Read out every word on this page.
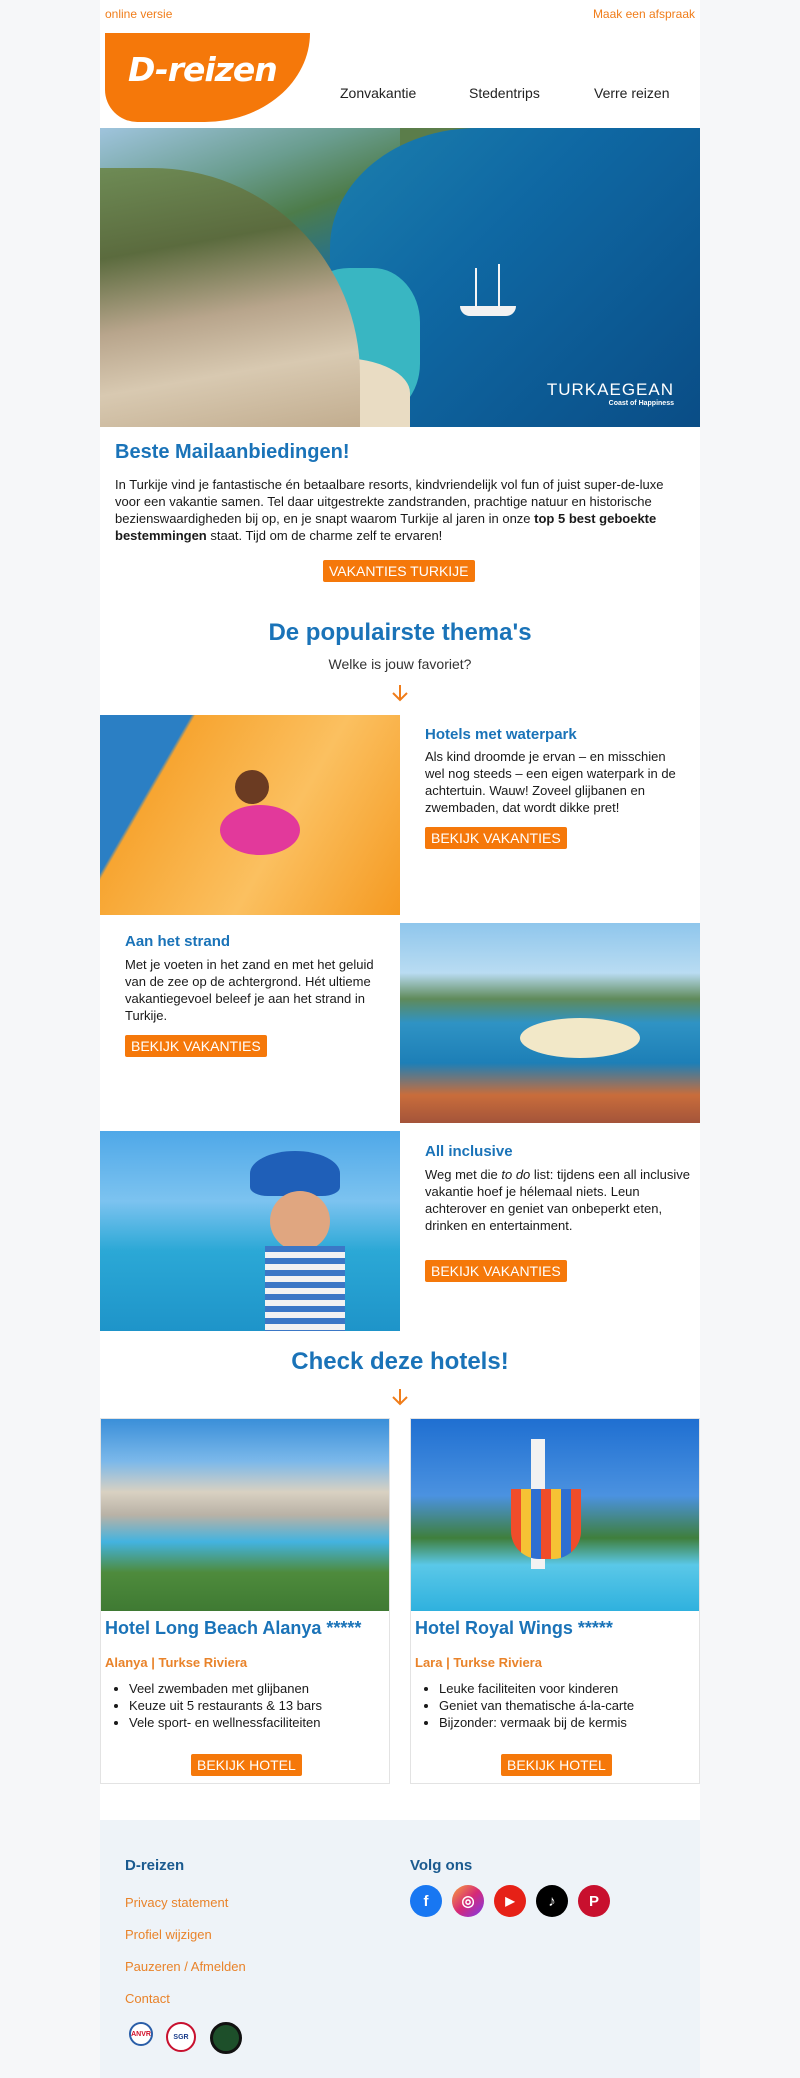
online versie	Maak een afspraak
D-reizen
Zonvakantie	Stedentrips	Verre reizen
TURKAEGEAN
Coast of Happiness
Beste Mailaanbiedingen!
In Turkije vind je fantastische én betaalbare resorts, kindvriendelijk vol fun of juist super-de-luxe voor een vakantie samen. Tel daar uitgestrekte zandstranden, prachtige natuur en historische bezienswaardigheden bij op, en je snapt waarom Turkije al jaren in onze top 5 best geboekte bestemmingen staat. Tijd om de charme zelf te ervaren!
VAKANTIES TURKIJE
De populairste thema's
Welke is jouw favoriet?
Hotels met waterpark
Als kind droomde je ervan – en misschien wel nog steeds – een eigen waterpark in de achtertuin. Wauw! Zoveel glijbanen en zwembaden, dat wordt dikke pret!
BEKIJK VAKANTIES
Aan het strand
Met je voeten in het zand en met het geluid van de zee op de achtergrond. Hét ultieme vakantiegevoel beleef je aan het strand in Turkije.
BEKIJK VAKANTIES
All inclusive
Weg met die to do list: tijdens een all inclusive vakantie hoef je hélemaal niets. Leun achterover en geniet van onbeperkt eten, drinken en entertainment.
BEKIJK VAKANTIES
Check deze hotels!
Hotel Long Beach Alanya *****
Alanya | Turkse Riviera
• Veel zwembaden met glijbanen
• Keuze uit 5 restaurants & 13 bars
• Vele sport- en wellnessfaciliteiten
BEKIJK HOTEL
Hotel Royal Wings *****
Lara | Turkse Riviera
• Leuke faciliteiten voor kinderen
• Geniet van thematische á-la-carte
• Bijzonder: vermaak bij de kermis
BEKIJK HOTEL
D-reizen
Privacy statement
Profiel wijzigen
Pauzeren / Afmelden
Contact
Volg ons
f	◎	▶	♪	P
ANVR	SGR
